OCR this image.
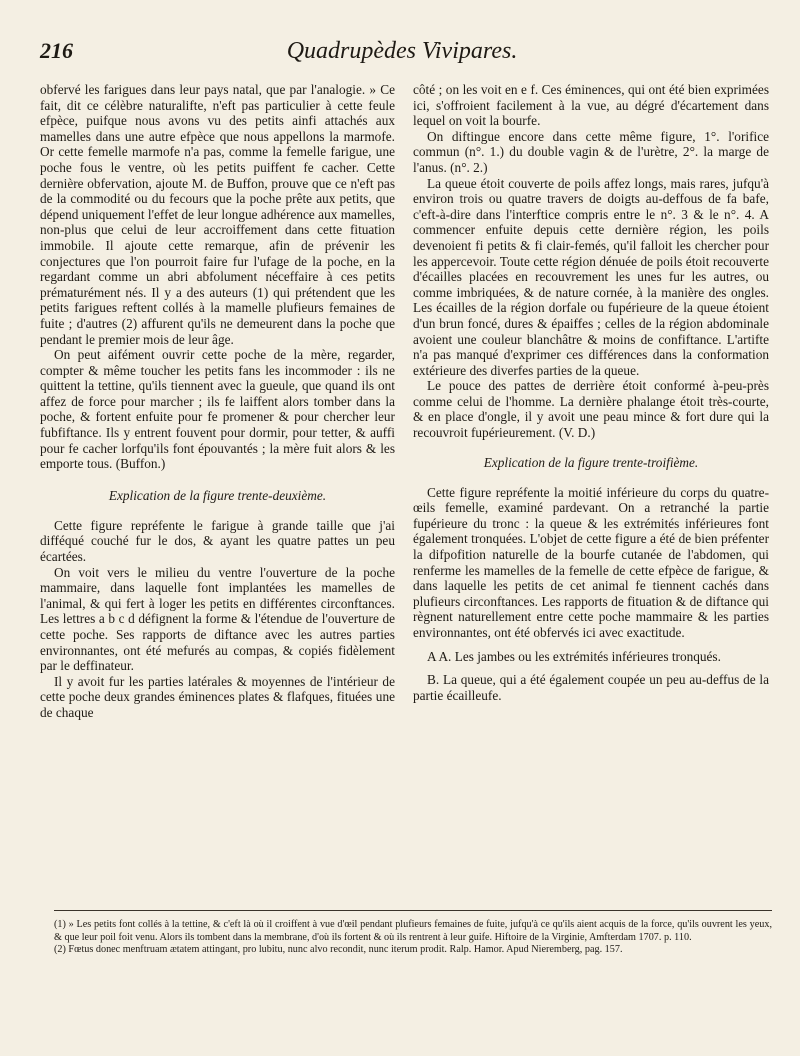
216	Quadrupèdes Vivipares.

obfervé les farigues dans leur pays natal, que par l'analogie. » Ce fait, dit ce célèbre naturalifte, n'eft pas particulier à cette feule efpèce, puifque nous avons vu des petits ainfi attachés aux mamelles dans une autre efpèce que nous appellons la marmofe. Or cette femelle marmofe n'a pas, comme la femelle farigue, une poche fous le ventre, où les petits puiffent fe cacher. Cette dernière obfervation, ajoute M. de Buffon, prouve que ce n'eft pas de la commodité ou du fecours que la poche prête aux petits, que dépend uniquement l'effet de leur longue adhérence aux mamelles, non-plus que celui de leur accroiffement dans cette fituation immobile. Il ajoute cette remarque, afin de prévenir les conjectures que l'on pourroit faire fur l'ufage de la poche, en la regardant comme un abri abfolument néceffaire à ces petits prématurément nés. Il y a des auteurs (1) qui prétendent que les petits farigues reftent collés à la mamelle plufieurs femaines de fuite ; d'autres (2) affurent qu'ils ne demeurent dans la poche que pendant le premier mois de leur âge.

On peut aifément ouvrir cette poche de la mère, regarder, compter & même toucher les petits fans les incommoder : ils ne quittent la tettine, qu'ils tiennent avec la gueule, que quand ils ont affez de force pour marcher ; ils fe laiffent alors tomber dans la poche, & fortent enfuite pour fe promener & pour chercher leur fubfiftance. Ils y entrent fouvent pour dormir, pour tetter, & auffi pour fe cacher lorfqu'ils font épouvantés ; la mère fuit alors & les emporte tous. (Buffon.)

Explication de la figure trente-deuxième.

Cette figure repréfente le farigue à grande taille que j'ai difféqué couché fur le dos, & ayant les quatre pattes un peu écartées.

On voit vers le milieu du ventre l'ouverture de la poche mammaire, dans laquelle font implantées les mamelles de l'animal, & qui fert à loger les petits en différentes circonftances. Les lettres a b c d défignent la forme & l'étendue de l'ouverture de cette poche. Ses rapports de diftance avec les autres parties environnantes, ont été mefurés au compas, & copiés fidèlement par le deffinateur.

Il y avoit fur les parties latérales & moyennes de l'intérieur de cette poche deux grandes éminences plates & flafques, fituées une de chaque

côté ; on les voit en e f. Ces éminences, qui ont été bien exprimées ici, s'offroient facilement à la vue, au dégré d'écartement dans lequel on voit la bourfe.

On diftingue encore dans cette même figure, 1°. l'orifice commun (n°. 1.) du double vagin & de l'urètre, 2°. la marge de l'anus. (n°. 2.)

La queue étoit couverte de poils affez longs, mais rares, jufqu'à environ trois ou quatre travers de doigts au-deffous de fa bafe, c'eft-à-dire dans l'interftice compris entre le n°. 3 & le n°. 4. A commencer enfuite depuis cette dernière région, les poils devenoient fi petits & fi clair-femés, qu'il falloit les chercher pour les appercevoir. Toute cette région dénuée de poils étoit recouverte d'écailles placées en recouvrement les unes fur les autres, ou comme imbriquées, & de nature cornée, à la manière des ongles. Les écailles de la région dorfale ou fupérieure de la queue étoient d'un brun foncé, dures & épaiffes ; celles de la région abdominale avoient une couleur blanchâtre & moins de confiftance. L'artifte n'a pas manqué d'exprimer ces différences dans la conformation extérieure des diverfes parties de la queue.

Le pouce des pattes de derrière étoit conformé à-peu-près comme celui de l'homme. La dernière phalange étoit très-courte, & en place d'ongle, il y avoit une peau mince & fort dure qui la recouvroit fupérieurement. (V. D.)

Explication de la figure trente-troifième.

Cette figure repréfente la moitié inférieure du corps du quatre-œils femelle, examiné pardevant. On a retranché la partie fupérieure du tronc : la queue & les extrémités inférieures font également tronquées. L'objet de cette figure a été de bien préfenter la difpofition naturelle de la bourfe cutanée de l'abdomen, qui renferme les mamelles de la femelle de cette efpèce de farigue, & dans laquelle les petits de cet animal fe tiennent cachés dans plufieurs circonftances. Les rapports de fituation & de diftance qui règnent naturellement entre cette poche mammaire & les parties environnantes, ont été obfervés ici avec exactitude.

A A. Les jambes ou les extrémités inférieures tronqués.

B. La queue, qui a été également coupée un peu au-deffus de la partie écailleufe.

(1) » Les petits font collés à la tettine, & c'eft là où il croiffent à vue d'œil pendant plufieurs femaines de fuite, jufqu'à ce qu'ils aient acquis de la force, qu'ils ouvrent les yeux, & que leur poil foit venu. Alors ils tombent dans la membrane, d'où ils fortent & où ils rentrent à leur guife. Hiftoire de la Virginie, Amfterdam 1707. p. 110.

(2) Fœtus donec menftruam ætatem attingant, pro lubitu, nunc alvo recondit, nunc iterum prodit. Ralp. Hamor. Apud Nieremberg, pag. 157.
